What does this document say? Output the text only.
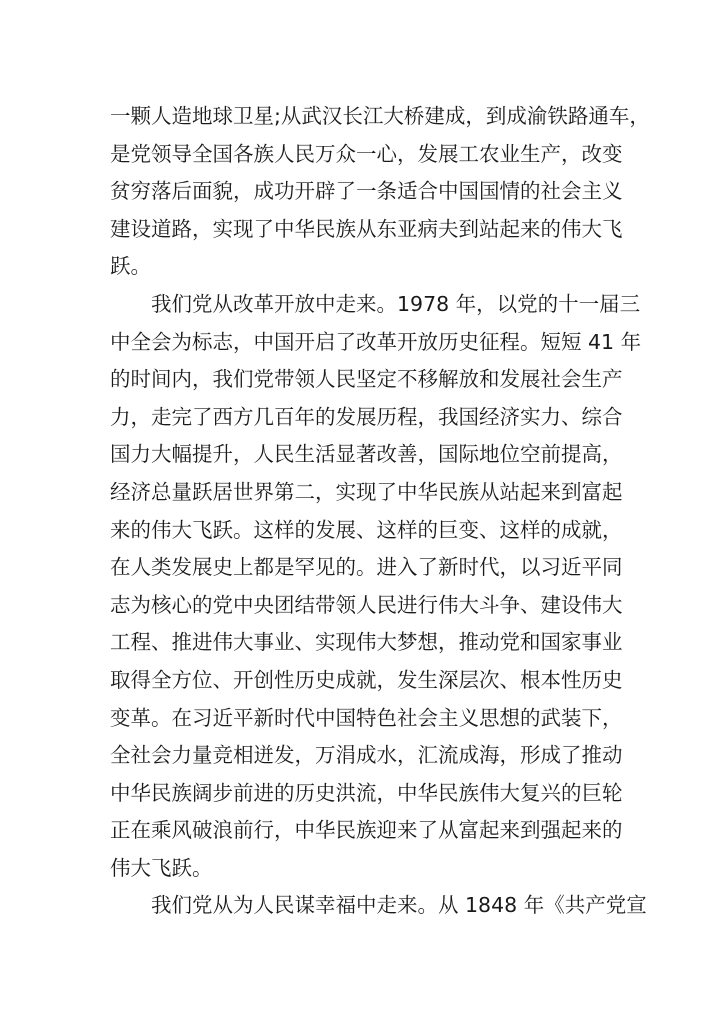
一颗人造地球卫星;从武汉长江大桥建成，到成渝铁路通车，
是党领导全国各族人民万众一心，发展工农业生产，改变
贫穷落后面貌，成功开辟了一条适合中国国情的社会主义
建设道路，实现了中华民族从东亚病夫到站起来的伟大飞
跃。
我们党从改革开放中走来。1978 年，以党的十一届三
中全会为标志，中国开启了改革开放历史征程。短短 41 年
的时间内，我们党带领人民坚定不移解放和发展社会生产
力，走完了西方几百年的发展历程，我国经济实力、综合
国力大幅提升，人民生活显著改善，国际地位空前提高，
经济总量跃居世界第二，实现了中华民族从站起来到富起
来的伟大飞跃。这样的发展、这样的巨变、这样的成就，
在人类发展史上都是罕见的。进入了新时代，以习近平同
志为核心的党中央团结带领人民进行伟大斗争、建设伟大
工程、推进伟大事业、实现伟大梦想，推动党和国家事业
取得全方位、开创性历史成就，发生深层次、根本性历史
变革。在习近平新时代中国特色社会主义思想的武装下，
全社会力量竞相迸发，万涓成水，汇流成海，形成了推动
中华民族阔步前进的历史洪流，中华民族伟大复兴的巨轮
正在乘风破浪前行，中华民族迎来了从富起来到强起来的
伟大飞跃。
我们党从为人民谋幸福中走来。从 1848 年《共产党宣
